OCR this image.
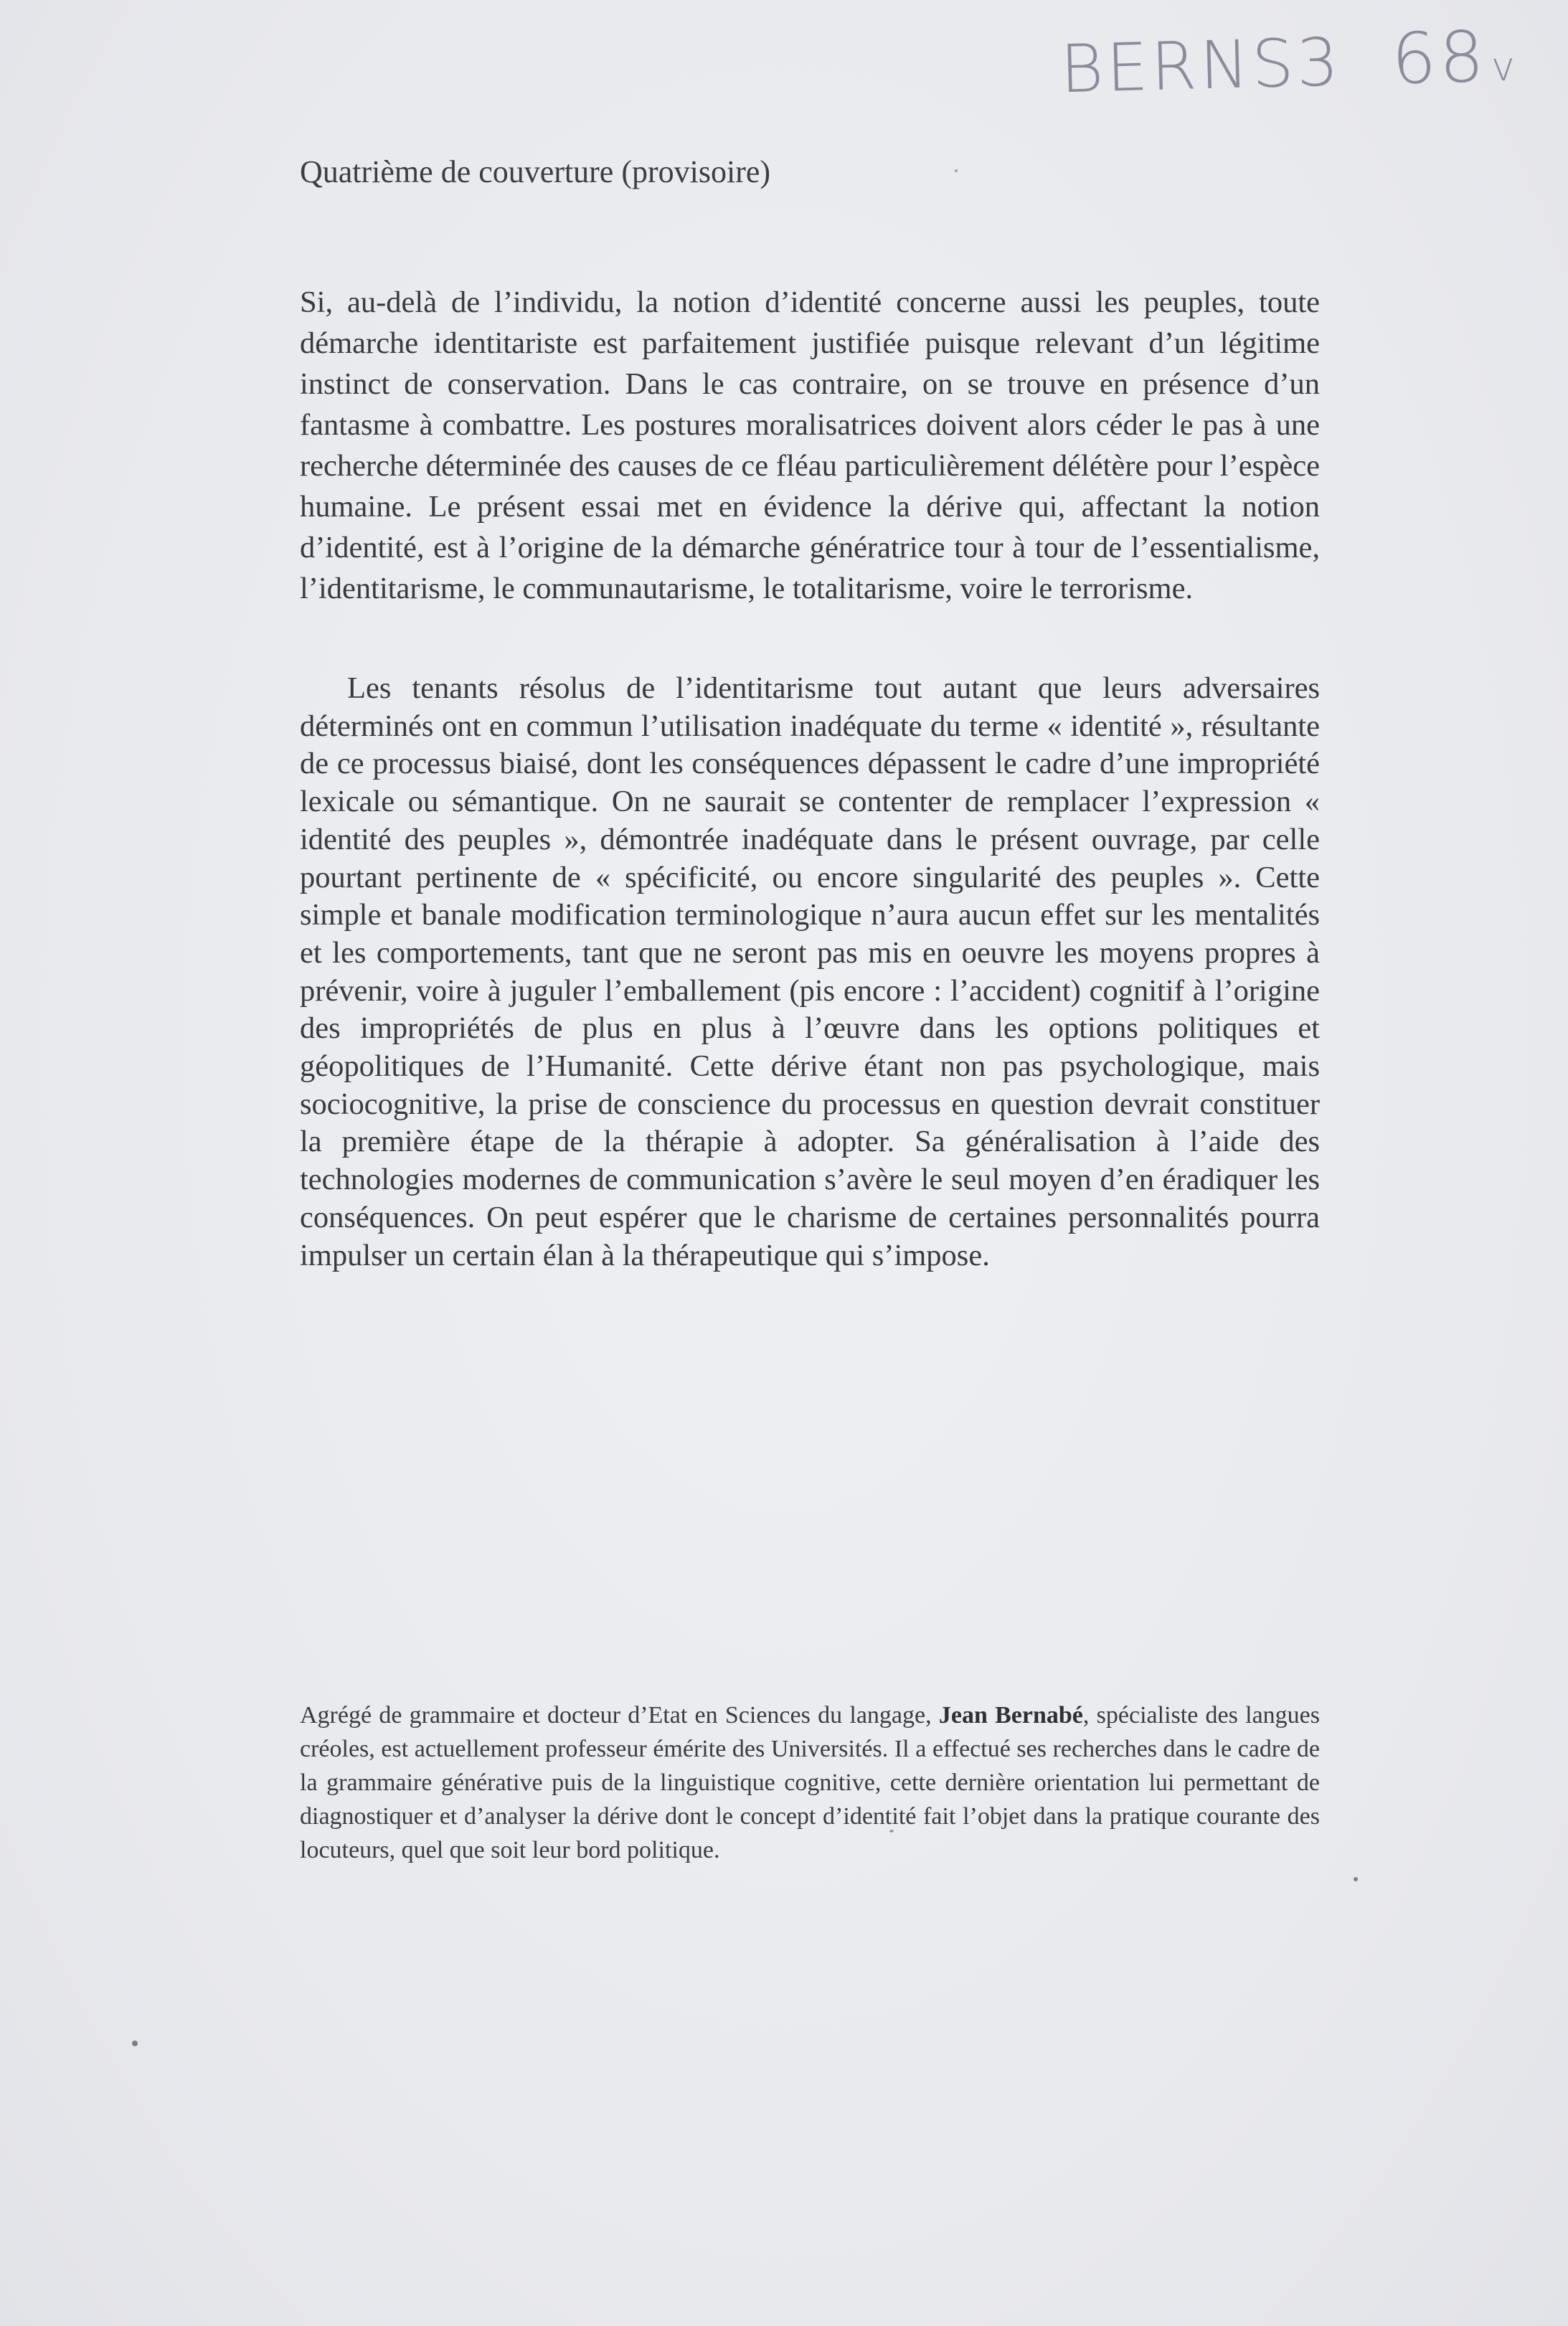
BERNS3 68v
Quatrième de couverture (provisoire)

Si, au-delà de l’individu, la notion d’identité concerne aussi les peuples, toute démarche identitariste est parfaitement justifiée puisque relevant d’un légitime instinct de conservation. Dans le cas contraire, on se trouve en présence d’un fantasme à combattre. Les postures moralisatrices doivent alors céder le pas à une recherche déterminée des causes de ce fléau particulièrement délétère pour l’espèce humaine. Le présent essai met en évidence la dérive qui, affectant la notion d’identité, est à l’origine de la démarche génératrice tour à tour de l’essentialisme, l’identitarisme, le communautarisme, le totalitarisme, voire le terrorisme.

Les tenants résolus de l’identitarisme tout autant que leurs adversaires déterminés ont en commun l’utilisation inadéquate du terme « identité », résultante de ce processus biaisé, dont les conséquences dépassent le cadre d’une impropriété lexicale ou sémantique. On ne saurait se contenter de remplacer l’expression « identité des peuples », démontrée inadéquate dans le présent ouvrage, par celle pourtant pertinente de « spécificité, ou encore singularité des peuples ». Cette simple et banale modification terminologique n’aura aucun effet sur les mentalités et les comportements, tant que ne seront pas mis en oeuvre les moyens propres à prévenir, voire à juguler l’emballement (pis encore : l’accident) cognitif à l’origine des impropriétés de plus en plus à l’œuvre dans les options politiques et géopolitiques de l’Humanité. Cette dérive étant non pas psychologique, mais sociocognitive, la prise de conscience du processus en question devrait constituer la première étape de la thérapie à adopter. Sa généralisation à l’aide des technologies modernes de communication s’avère le seul moyen d’en éradiquer les conséquences. On peut espérer que le charisme de certaines personnalités pourra impulser un certain élan à la thérapeutique qui s’impose.

Agrégé de grammaire et docteur d’Etat en Sciences du langage, Jean Bernabé, spécialiste des langues créoles, est actuellement professeur émérite des Universités. Il a effectué ses recherches dans le cadre de la grammaire générative puis de la linguistique cognitive, cette dernière orientation lui permettant de diagnostiquer et d’analyser la dérive dont le concept d’identité fait l’objet dans la pratique courante des locuteurs, quel que soit leur bord politique.
